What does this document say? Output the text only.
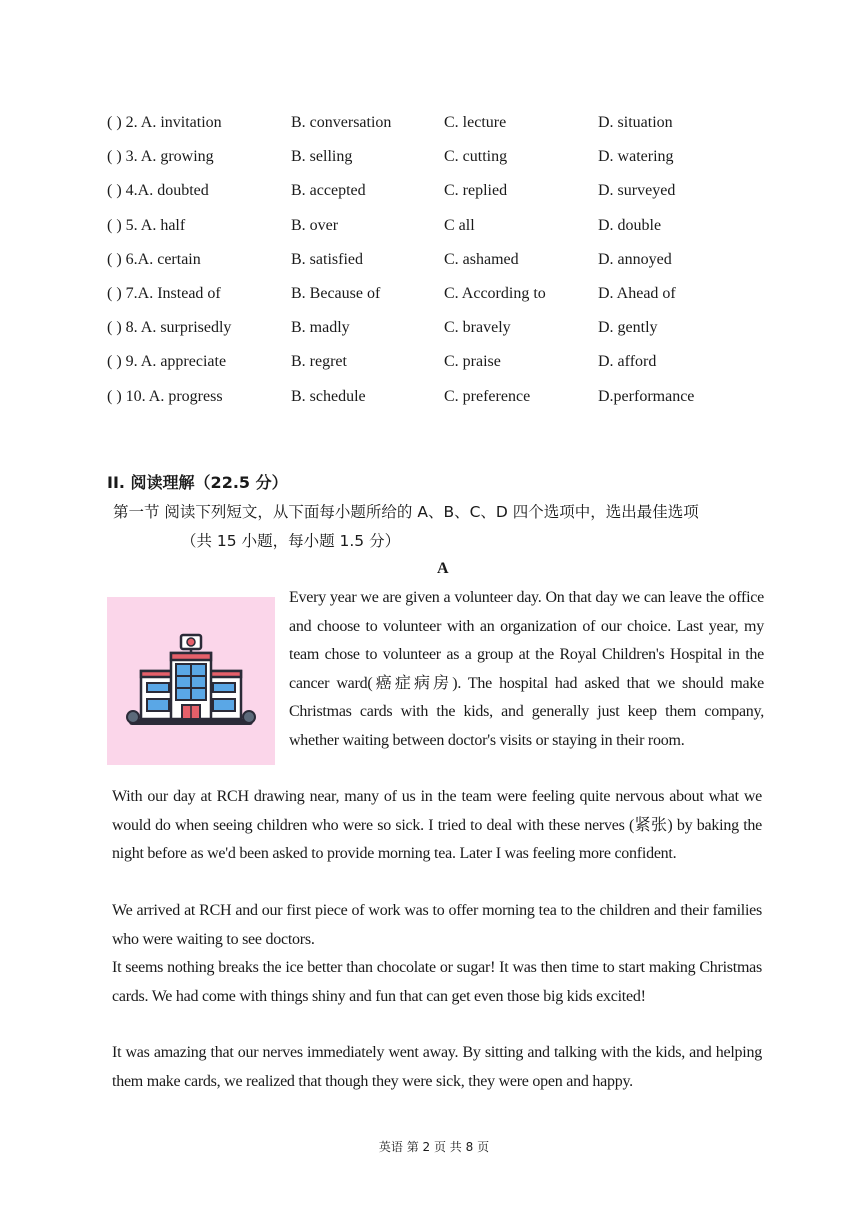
( ) 2. A. invitation	B. conversation	C. lecture	D. situation
( ) 3. A. growing	B. selling	C. cutting	D. watering
( ) 4.A. doubted	B. accepted	C. replied	D. surveyed
( ) 5. A. half	B. over	C all	D. double
( ) 6.A. certain	B. satisfied	C. ashamed	D. annoyed
( ) 7.A. Instead of	B. Because of	C. According to	D. Ahead of
( ) 8. A. surprisedly	B. madly	C. bravely	D. gently
( ) 9. A. appreciate	B. regret	C. praise	D. afford
( ) 10. A. progress	B. schedule	C. preference	D.performance
II. 阅读理解（22.5 分）
第一节 阅读下列短文，从下面每小题所给的 A、B、C、D 四个选项中，选出最佳选项
（共 15 小题，每小题 1.5 分）
A

Every year we are given a volunteer day. On that day we can leave the office and choose to volunteer with an organization of our choice. Last year, my team chose to volunteer as a group at the Royal Children's Hospital in the cancer ward(癌症病房). The hospital had asked that we should make Christmas cards with the kids, and generally just keep them company, whether waiting between doctor's visits or staying in their room.

With our day at RCH drawing near, many of us in the team were feeling quite nervous about what we would do when seeing children who were so sick. I tried to deal with these nerves (紧张) by baking the night before as we'd been asked to provide morning tea. Later I was feeling more confident.

We arrived at RCH and our first piece of work was to offer morning tea to the children and their families who were waiting to see doctors.

It seems nothing breaks the ice better than chocolate or sugar! It was then time to start making Christmas cards. We had come with things shiny and fun that can get even those big kids excited!

It was amazing that our nerves immediately went away. By sitting and talking with the kids, and helping them make cards, we realized that though they were sick, they were open and happy.

英语 第 2 页 共 8 页
